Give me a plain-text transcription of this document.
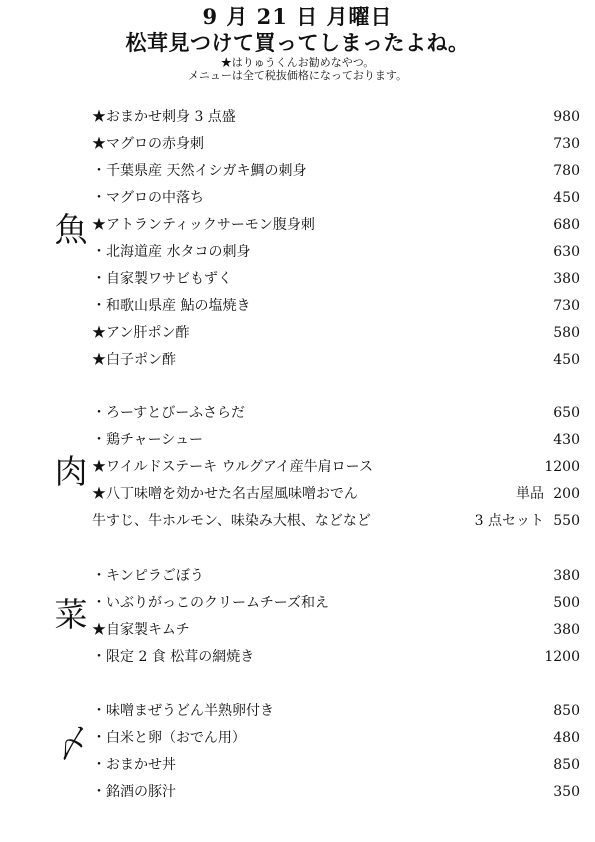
9 月 21 日 月曜日
松茸見つけて買ってしまったよね。
★はりゅうくんお勧めなやつ。
メニューは全て税抜価格になっております。
魚
★おまかせ刺身 3 点盛	980
★マグロの赤身刺	730
・千葉県産 天然イシガキ鯛の刺身	780
・マグロの中落ち	450
★アトランティックサーモン腹身刺	680
・北海道産 水タコの刺身	630
・自家製ワサビもずく	380
・和歌山県産 鮎の塩焼き	730
★アン肝ポン酢	580
★白子ポン酢	450
肉
・ろーすとびーふさらだ	650
・鶏チャーシュー	430
★ワイルドステーキ ウルグアイ産牛肩ロース	1200
★八丁味噌を効かせた名古屋風味噌おでん	単品 200
牛すじ、牛ホルモン、味染み大根、などなど	3 点セット 550
菜
・キンピラごぼう	380
・いぶりがっこのクリームチーズ和え	500
★自家製キムチ	380
・限定 2 食 松茸の網焼き	1200
〆
・味噌まぜうどん半熟卵付き	850
・白米と卵（おでん用）	480
・おまかせ丼	850
・銘酒の豚汁	350
